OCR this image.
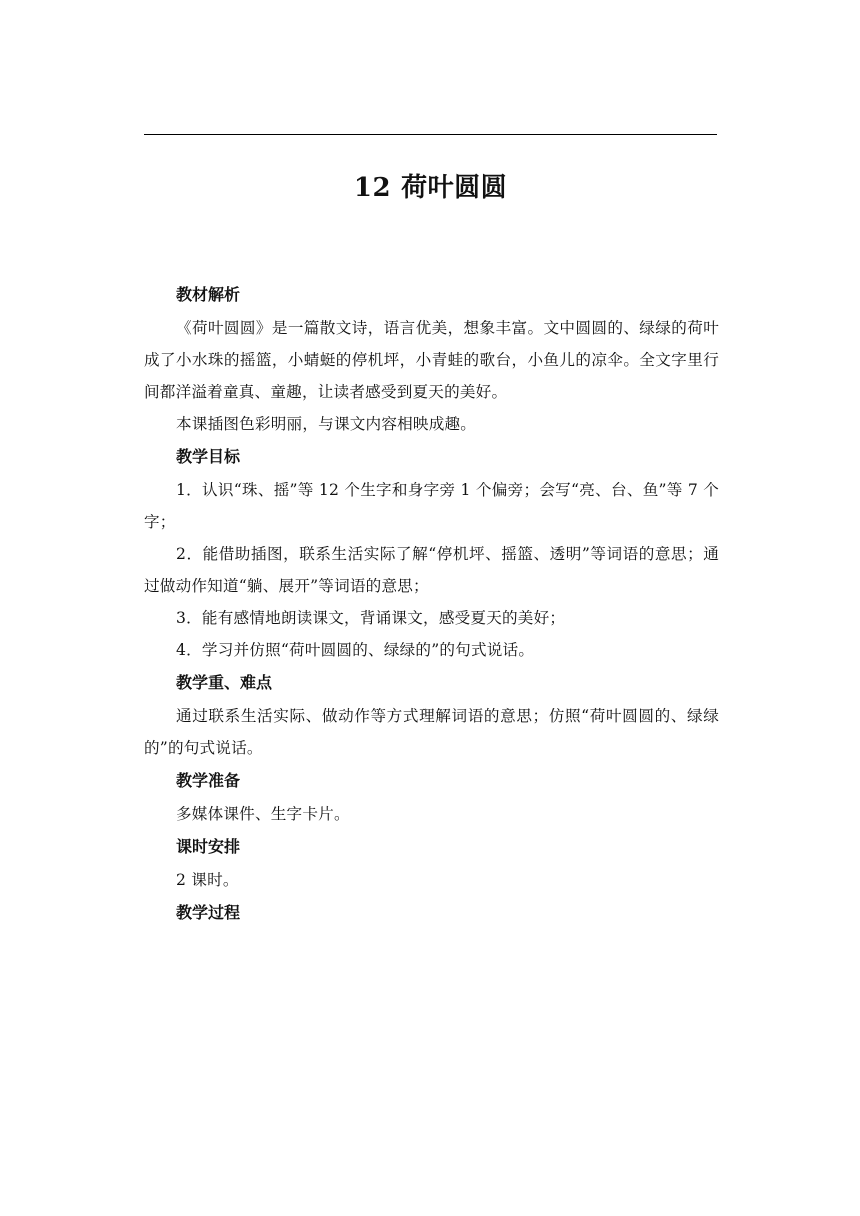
12 荷叶圆圆
教材解析

《荷叶圆圆》是一篇散文诗，语言优美，想象丰富。文中圆圆的、绿绿的荷叶成了小水珠的摇篮，小蜻蜓的停机坪，小青蛙的歌台，小鱼儿的凉伞。全文字里行间都洋溢着童真、童趣，让读者感受到夏天的美好。

本课插图色彩明丽，与课文内容相映成趣。

教学目标

1．认识“珠、摇”等 12 个生字和身字旁 1 个偏旁；会写“亮、台、鱼”等 7 个字；

2．能借助插图，联系生活实际了解“停机坪、摇篮、透明”等词语的意思；通过做动作知道“躺、展开”等词语的意思；

3．能有感情地朗读课文，背诵课文，感受夏天的美好；

4．学习并仿照“荷叶圆圆的、绿绿的”的句式说话。

教学重、难点

通过联系生活实际、做动作等方式理解词语的意思；仿照“荷叶圆圆的、绿绿的”的句式说话。

教学准备

多媒体课件、生字卡片。

课时安排

2 课时。

教学过程
